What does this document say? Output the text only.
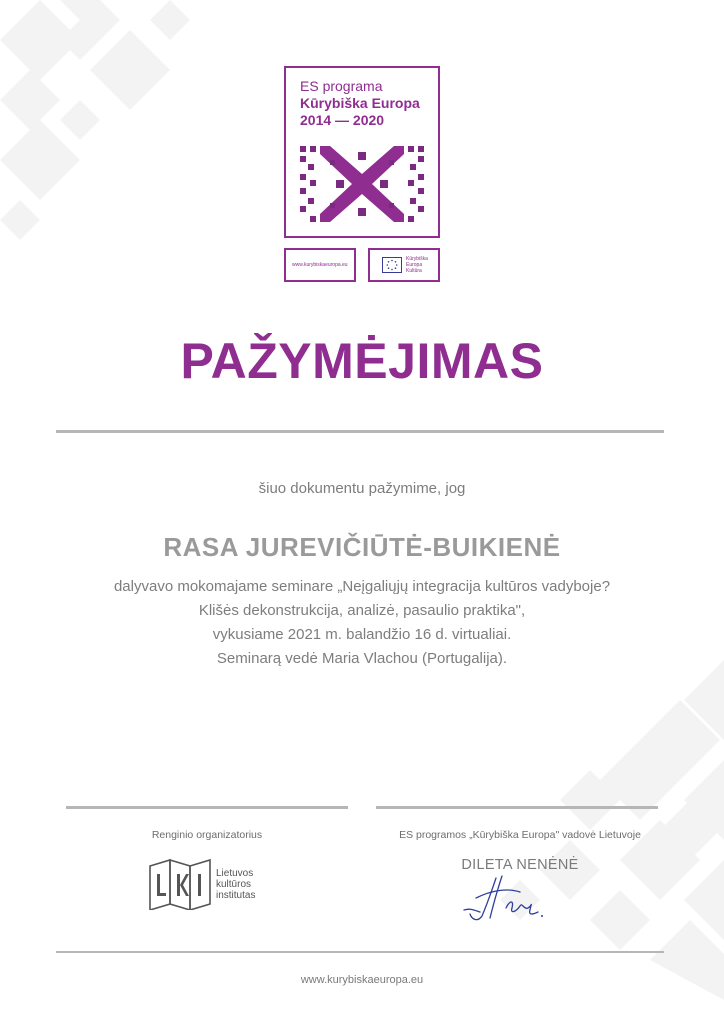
ES programa
Kūrybiška Europa
2014 — 2020
www.kurybiskaeuropa.eu
Kūrybiška
Europa
Kultūra
PAŽYMĖJIMAS
šiuo dokumentu pažymime, jog
RASA JUREVIČIŪTĖ-BUIKIENĖ
dalyvavo mokomajame seminare „Neįgaliųjų integracija kultūros vadyboje?
Klišės dekonstrukcija, analizė, pasaulio praktika",
vykusiame 2021 m. balandžio 16 d. virtualiai.
Seminarą vedė Maria Vlachou (Portugalija).
Renginio organizatorius	ES programos „Kūrybiška Europa" vadovė Lietuvoje
Lietuvos
kultūros
institutas
DILETA NENĖNĖ
www.kurybiskaeuropa.eu
